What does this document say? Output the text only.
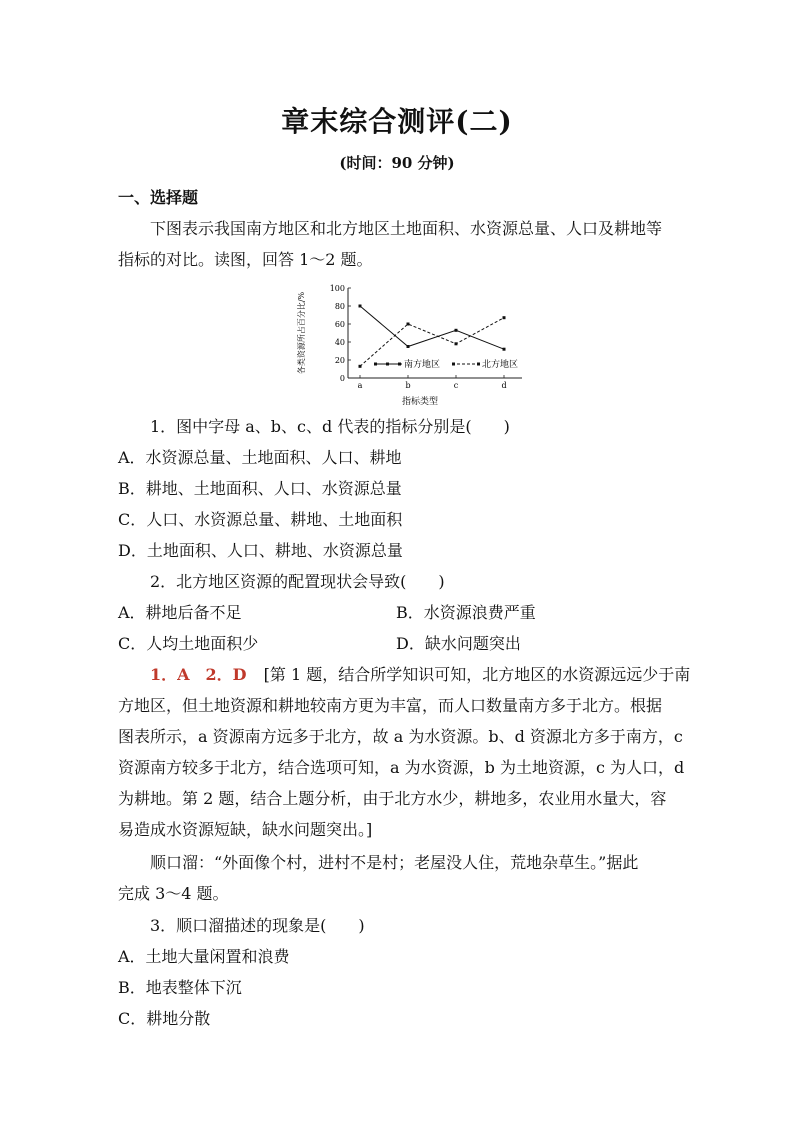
章末综合测评(二)
(时间：90 分钟)
一、选择题
下图表示我国南方地区和北方地区土地面积、水资源总量、人口及耕地等
指标的对比。读图，回答 1～2 题。
0
20
40
60
80
100
a	b	c	d
南方地区	北方地区
指标类型
各类资源所占百分比/%
1．图中字母 a、b、c、d 代表的指标分别是(　　)
A．水资源总量、土地面积、人口、耕地
B．耕地、土地面积、人口、水资源总量
C．人口、水资源总量、耕地、土地面积
D．土地面积、人口、耕地、水资源总量
2．北方地区资源的配置现状会导致(　　)
A．耕地后备不足	B．水资源浪费严重
C．人均土地面积少	D．缺水问题突出
1．A　2．D [第 1 题，结合所学知识可知，北方地区的水资源远远少于南
方地区，但土地资源和耕地较南方更为丰富，而人口数量南方多于北方。根据
图表所示，a 资源南方远多于北方，故 a 为水资源。b、d 资源北方多于南方，c
资源南方较多于北方，结合选项可知，a 为水资源，b 为土地资源，c 为人口，d
为耕地。第 2 题，结合上题分析，由于北方水少，耕地多，农业用水量大，容
易造成水资源短缺，缺水问题突出。]
顺口溜：“外面像个村，进村不是村；老屋没人住，荒地杂草生。”据此
完成 3～4 题。
3．顺口溜描述的现象是(　　)
A．土地大量闲置和浪费
B．地表整体下沉
C．耕地分散
